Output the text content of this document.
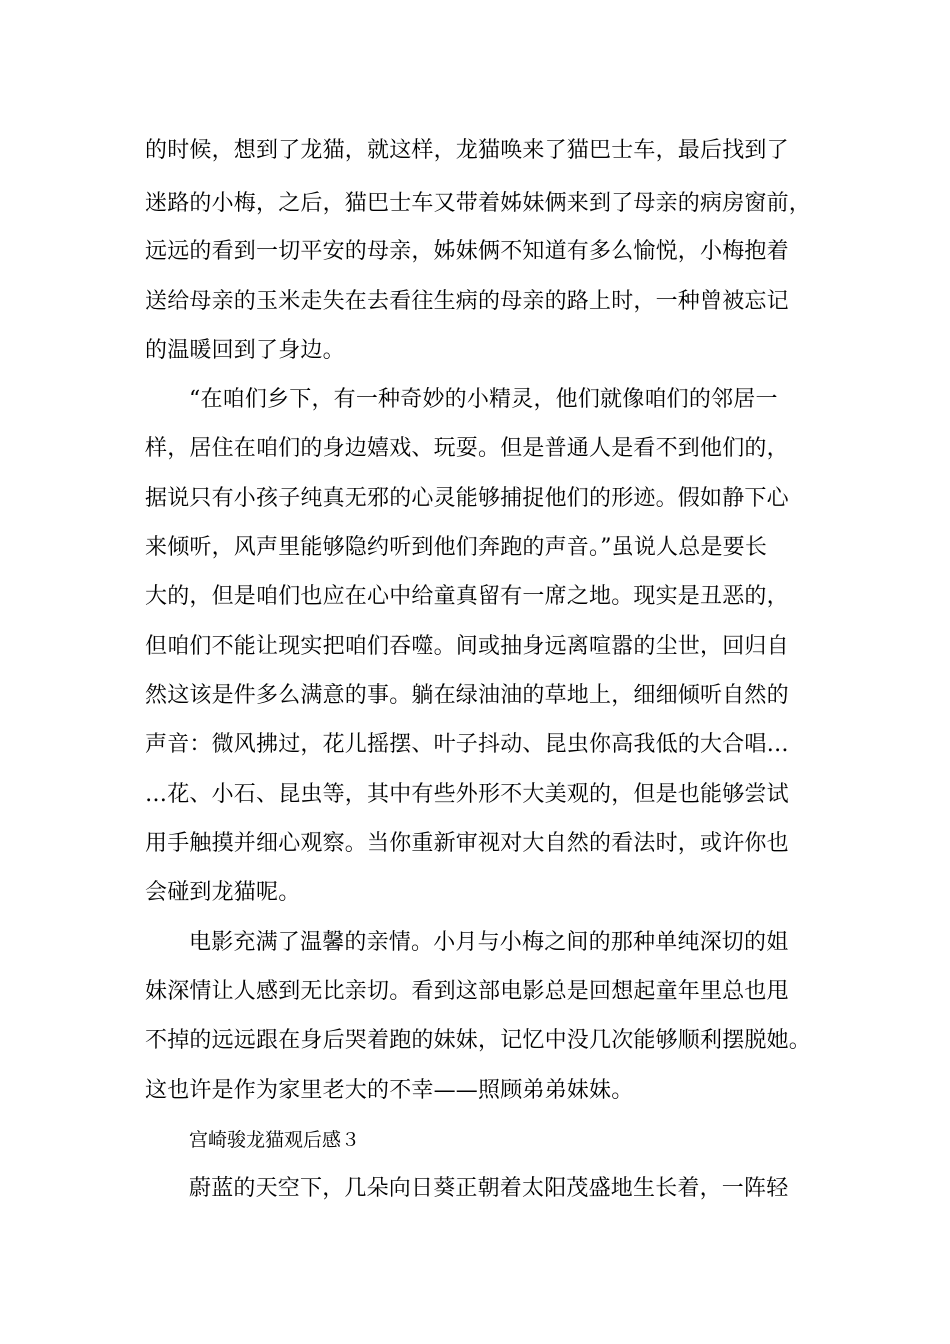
的时候，想到了龙猫，就这样，龙猫唤来了猫巴士车，最后找到了
迷路的小梅，之后，猫巴士车又带着姊妹俩来到了母亲的病房窗前，
远远的看到一切平安的母亲，姊妹俩不知道有多么愉悦，小梅抱着
送给母亲的玉米走失在去看往生病的母亲的路上时，一种曾被忘记
的温暖回到了身边。
“在咱们乡下，有一种奇妙的小精灵，他们就像咱们的邻居一
样，居住在咱们的身边嬉戏、玩耍。但是普通人是看不到他们的，
据说只有小孩子纯真无邪的心灵能够捕捉他们的形迹。假如静下心
来倾听，风声里能够隐约听到他们奔跑的声音。”虽说人总是要长
大的，但是咱们也应在心中给童真留有一席之地。现实是丑恶的，
但咱们不能让现实把咱们吞噬。间或抽身远离喧嚣的尘世，回归自
然这该是件多么满意的事。躺在绿油油的草地上，细细倾听自然的
声音：微风拂过，花儿摇摆、叶子抖动、昆虫你高我低的大合唱…
…花、小石、昆虫等，其中有些外形不大美观的，但是也能够尝试
用手触摸并细心观察。当你重新审视对大自然的看法时，或许你也
会碰到龙猫呢。
电影充满了温馨的亲情。小月与小梅之间的那种单纯深切的姐
妹深情让人感到无比亲切。看到这部电影总是回想起童年里总也甩
不掉的远远跟在身后哭着跑的妹妹，记忆中没几次能够顺利摆脱她。
这也许是作为家里老大的不幸——照顾弟弟妹妹。
宫崎骏龙猫观后感３
蔚蓝的天空下，几朵向日葵正朝着太阳茂盛地生长着，一阵轻
